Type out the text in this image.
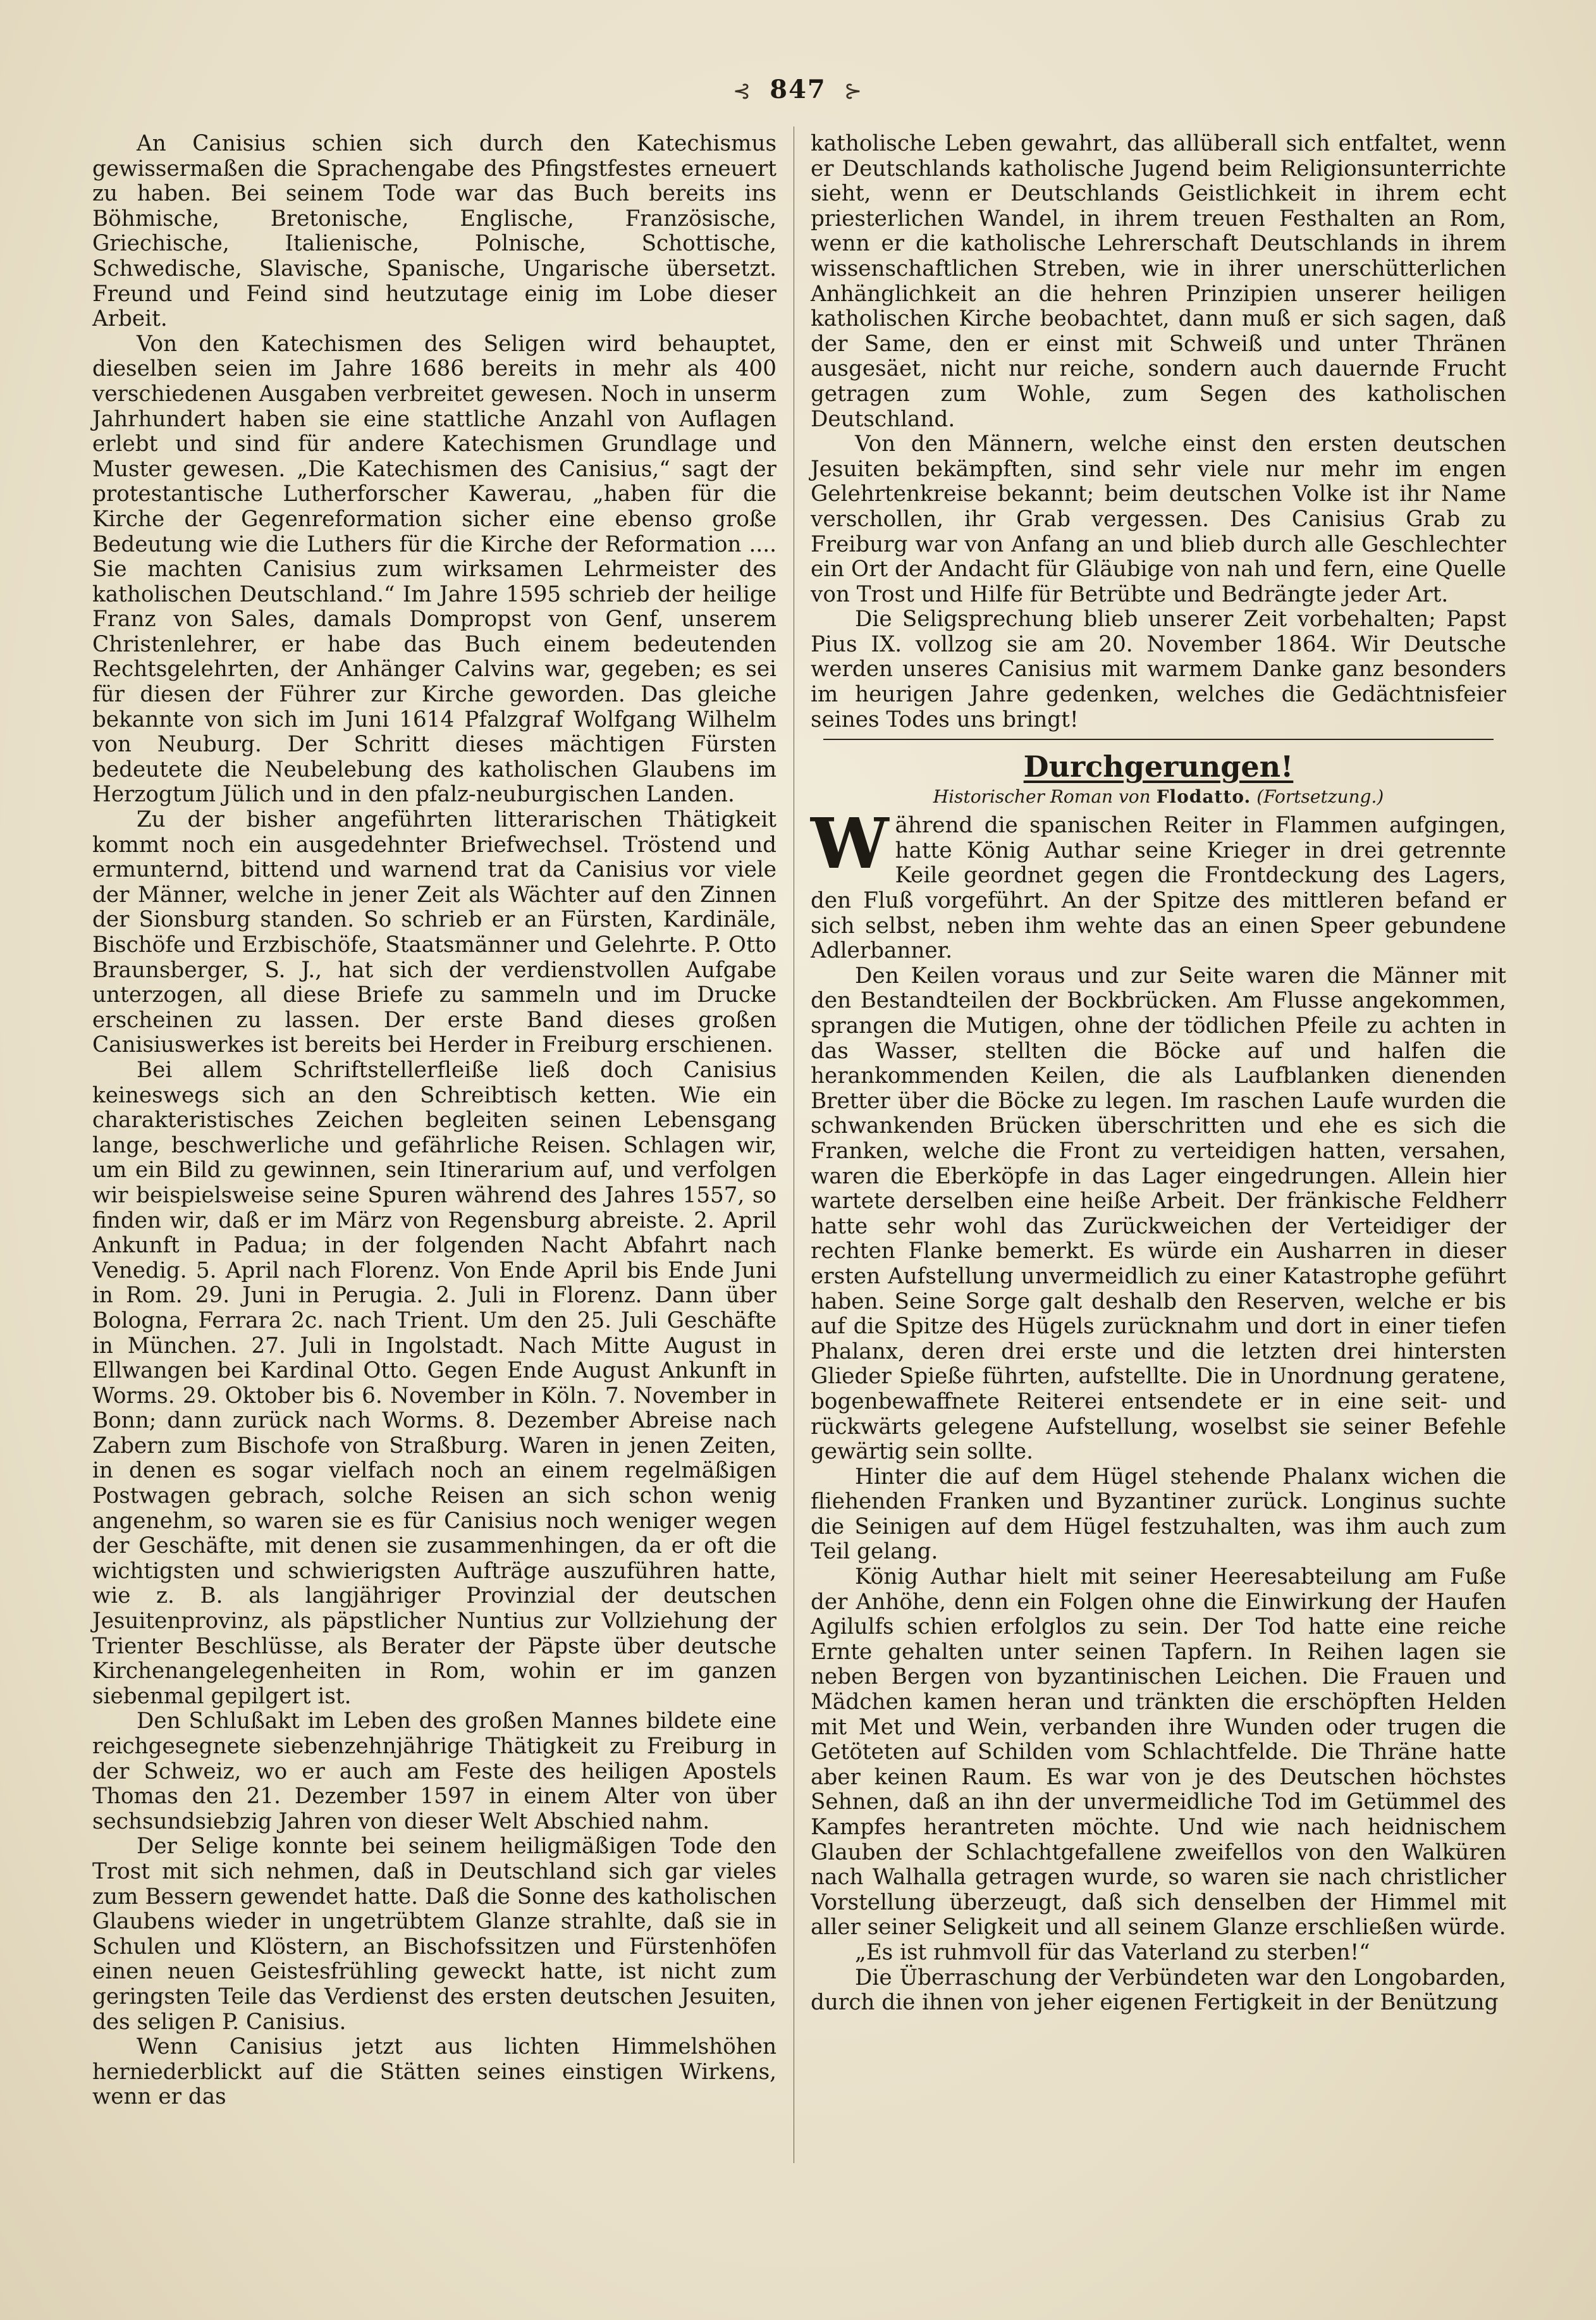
⊰ 847 ⊱

An Canisius schien sich durch den Katechismus gewissermaßen die Sprachengabe des Pfingstfestes erneuert zu haben. Bei seinem Tode war das Buch bereits ins Böhmische, Bretonische, Englische, Französische, Griechische, Italienische, Polnische, Schottische, Schwedische, Slavische, Spanische, Ungarische übersetzt. Freund und Feind sind heutzutage einig im Lobe dieser Arbeit.

Von den Katechismen des Seligen wird behauptet, dieselben seien im Jahre 1686 bereits in mehr als 400 verschiedenen Ausgaben verbreitet gewesen. Noch in unserm Jahrhundert haben sie eine stattliche Anzahl von Auflagen erlebt und sind für andere Katechismen Grundlage und Muster gewesen. „Die Katechismen des Canisius,“ sagt der protestantische Lutherforscher Kawerau, „haben für die Kirche der Gegenreformation sicher eine ebenso große Bedeutung wie die Luthers für die Kirche der Reformation .... Sie machten Canisius zum wirksamen Lehrmeister des katholischen Deutschland.“ Im Jahre 1595 schrieb der heilige Franz von Sales, damals Dompropst von Genf, unserem Christenlehrer, er habe das Buch einem bedeutenden Rechtsgelehrten, der Anhänger Calvins war, gegeben; es sei für diesen der Führer zur Kirche geworden. Das gleiche bekannte von sich im Juni 1614 Pfalzgraf Wolfgang Wilhelm von Neuburg. Der Schritt dieses mächtigen Fürsten bedeutete die Neubelebung des katholischen Glaubens im Herzogtum Jülich und in den pfalz-neuburgischen Landen.

Zu der bisher angeführten litterarischen Thätigkeit kommt noch ein ausgedehnter Briefwechsel. Tröstend und ermunternd, bittend und warnend trat da Canisius vor viele der Männer, welche in jener Zeit als Wächter auf den Zinnen der Sionsburg standen. So schrieb er an Fürsten, Kardinäle, Bischöfe und Erzbischöfe, Staatsmänner und Gelehrte. P. Otto Braunsberger, S. J., hat sich der verdienstvollen Aufgabe unterzogen, all diese Briefe zu sammeln und im Drucke erscheinen zu lassen. Der erste Band dieses großen Canisiuswerkes ist bereits bei Herder in Freiburg erschienen.

Bei allem Schriftstellerfleiße ließ doch Canisius keineswegs sich an den Schreibtisch ketten. Wie ein charakteristisches Zeichen begleiten seinen Lebensgang lange, beschwerliche und gefährliche Reisen. Schlagen wir, um ein Bild zu gewinnen, sein Itinerarium auf, und verfolgen wir beispielsweise seine Spuren während des Jahres 1557, so finden wir, daß er im März von Regensburg abreiste. 2. April Ankunft in Padua; in der folgenden Nacht Abfahrt nach Venedig. 5. April nach Florenz. Von Ende April bis Ende Juni in Rom. 29. Juni in Perugia. 2. Juli in Florenz. Dann über Bologna, Ferrara 2c. nach Trient. Um den 25. Juli Geschäfte in München. 27. Juli in Ingolstadt. Nach Mitte August in Ellwangen bei Kardinal Otto. Gegen Ende August Ankunft in Worms. 29. Oktober bis 6. November in Köln. 7. November in Bonn; dann zurück nach Worms. 8. Dezember Abreise nach Zabern zum Bischofe von Straßburg. Waren in jenen Zeiten, in denen es sogar vielfach noch an einem regelmäßigen Postwagen gebrach, solche Reisen an sich schon wenig angenehm, so waren sie es für Canisius noch weniger wegen der Geschäfte, mit denen sie zusammenhingen, da er oft die wichtigsten und schwierigsten Aufträge auszuführen hatte, wie z. B. als langjähriger Provinzial der deutschen Jesuitenprovinz, als päpstlicher Nuntius zur Vollziehung der Trienter Beschlüsse, als Berater der Päpste über deutsche Kirchenangelegenheiten in Rom, wohin er im ganzen siebenmal gepilgert ist.

Den Schlußakt im Leben des großen Mannes bildete eine reichgesegnete siebenzehnjährige Thätigkeit zu Freiburg in der Schweiz, wo er auch am Feste des heiligen Apostels Thomas den 21. Dezember 1597 in einem Alter von über sechsundsiebzig Jahren von dieser Welt Abschied nahm.

Der Selige konnte bei seinem heiligmäßigen Tode den Trost mit sich nehmen, daß in Deutschland sich gar vieles zum Bessern gewendet hatte. Daß die Sonne des katholischen Glaubens wieder in ungetrübtem Glanze strahlte, daß sie in Schulen und Klöstern, an Bischofssitzen und Fürstenhöfen einen neuen Geistesfrühling geweckt hatte, ist nicht zum geringsten Teile das Verdienst des ersten deutschen Jesuiten, des seligen P. Canisius.

Wenn Canisius jetzt aus lichten Himmelshöhen herniederblickt auf die Stätten seines einstigen Wirkens, wenn er das

katholische Leben gewahrt, das allüberall sich entfaltet, wenn er Deutschlands katholische Jugend beim Religionsunterrichte sieht, wenn er Deutschlands Geistlichkeit in ihrem echt priesterlichen Wandel, in ihrem treuen Festhalten an Rom, wenn er die katholische Lehrerschaft Deutschlands in ihrem wissenschaftlichen Streben, wie in ihrer unerschütterlichen Anhänglichkeit an die hehren Prinzipien unserer heiligen katholischen Kirche beobachtet, dann muß er sich sagen, daß der Same, den er einst mit Schweiß und unter Thränen ausgesäet, nicht nur reiche, sondern auch dauernde Frucht getragen zum Wohle, zum Segen des katholischen Deutschland.

Von den Männern, welche einst den ersten deutschen Jesuiten bekämpften, sind sehr viele nur mehr im engen Gelehrtenkreise bekannt; beim deutschen Volke ist ihr Name verschollen, ihr Grab vergessen. Des Canisius Grab zu Freiburg war von Anfang an und blieb durch alle Geschlechter ein Ort der Andacht für Gläubige von nah und fern, eine Quelle von Trost und Hilfe für Betrübte und Bedrängte jeder Art.

Die Seligsprechung blieb unserer Zeit vorbehalten; Papst Pius IX. vollzog sie am 20. November 1864. Wir Deutsche werden unseres Canisius mit warmem Danke ganz besonders im heurigen Jahre gedenken, welches die Gedächtnisfeier seines Todes uns bringt!

Durchgerungen!
Historischer Roman von Flodatto. (Fortsetzung.)

Während die spanischen Reiter in Flammen aufgingen, hatte König Authar seine Krieger in drei getrennte Keile geordnet gegen die Frontdeckung des Lagers, den Fluß vorgeführt. An der Spitze des mittleren befand er sich selbst, neben ihm wehte das an einen Speer gebundene Adlerbanner.

Den Keilen voraus und zur Seite waren die Männer mit den Bestandteilen der Bockbrücken. Am Flusse angekommen, sprangen die Mutigen, ohne der tödlichen Pfeile zu achten in das Wasser, stellten die Böcke auf und halfen die herankommenden Keilen, die als Laufblanken dienenden Bretter über die Böcke zu legen. Im raschen Laufe wurden die schwankenden Brücken überschritten und ehe es sich die Franken, welche die Front zu verteidigen hatten, versahen, waren die Eberköpfe in das Lager eingedrungen. Allein hier wartete derselben eine heiße Arbeit. Der fränkische Feldherr hatte sehr wohl das Zurückweichen der Verteidiger der rechten Flanke bemerkt. Es würde ein Ausharren in dieser ersten Aufstellung unvermeidlich zu einer Katastrophe geführt haben. Seine Sorge galt deshalb den Reserven, welche er bis auf die Spitze des Hügels zurücknahm und dort in einer tiefen Phalanx, deren drei erste und die letzten drei hintersten Glieder Spieße führten, aufstellte. Die in Unordnung geratene, bogenbewaffnete Reiterei entsendete er in eine seit- und rückwärts gelegene Aufstellung, woselbst sie seiner Befehle gewärtig sein sollte.

Hinter die auf dem Hügel stehende Phalanx wichen die fliehenden Franken und Byzantiner zurück. Longinus suchte die Seinigen auf dem Hügel festzuhalten, was ihm auch zum Teil gelang.

König Authar hielt mit seiner Heeresabteilung am Fuße der Anhöhe, denn ein Folgen ohne die Einwirkung der Haufen Agilulfs schien erfolglos zu sein. Der Tod hatte eine reiche Ernte gehalten unter seinen Tapfern. In Reihen lagen sie neben Bergen von byzantinischen Leichen. Die Frauen und Mädchen kamen heran und tränkten die erschöpften Helden mit Met und Wein, verbanden ihre Wunden oder trugen die Getöteten auf Schilden vom Schlachtfelde. Die Thräne hatte aber keinen Raum. Es war von je des Deutschen höchstes Sehnen, daß an ihn der unvermeidliche Tod im Getümmel des Kampfes herantreten möchte. Und wie nach heidnischem Glauben der Schlachtgefallene zweifellos von den Walküren nach Walhalla getragen wurde, so waren sie nach christlicher Vorstellung überzeugt, daß sich denselben der Himmel mit aller seiner Seligkeit und all seinem Glanze erschließen würde.

„Es ist ruhmvoll für das Vaterland zu sterben!“

Die Überraschung der Verbündeten war den Longobarden, durch die ihnen von jeher eigenen Fertigkeit in der Benützung
